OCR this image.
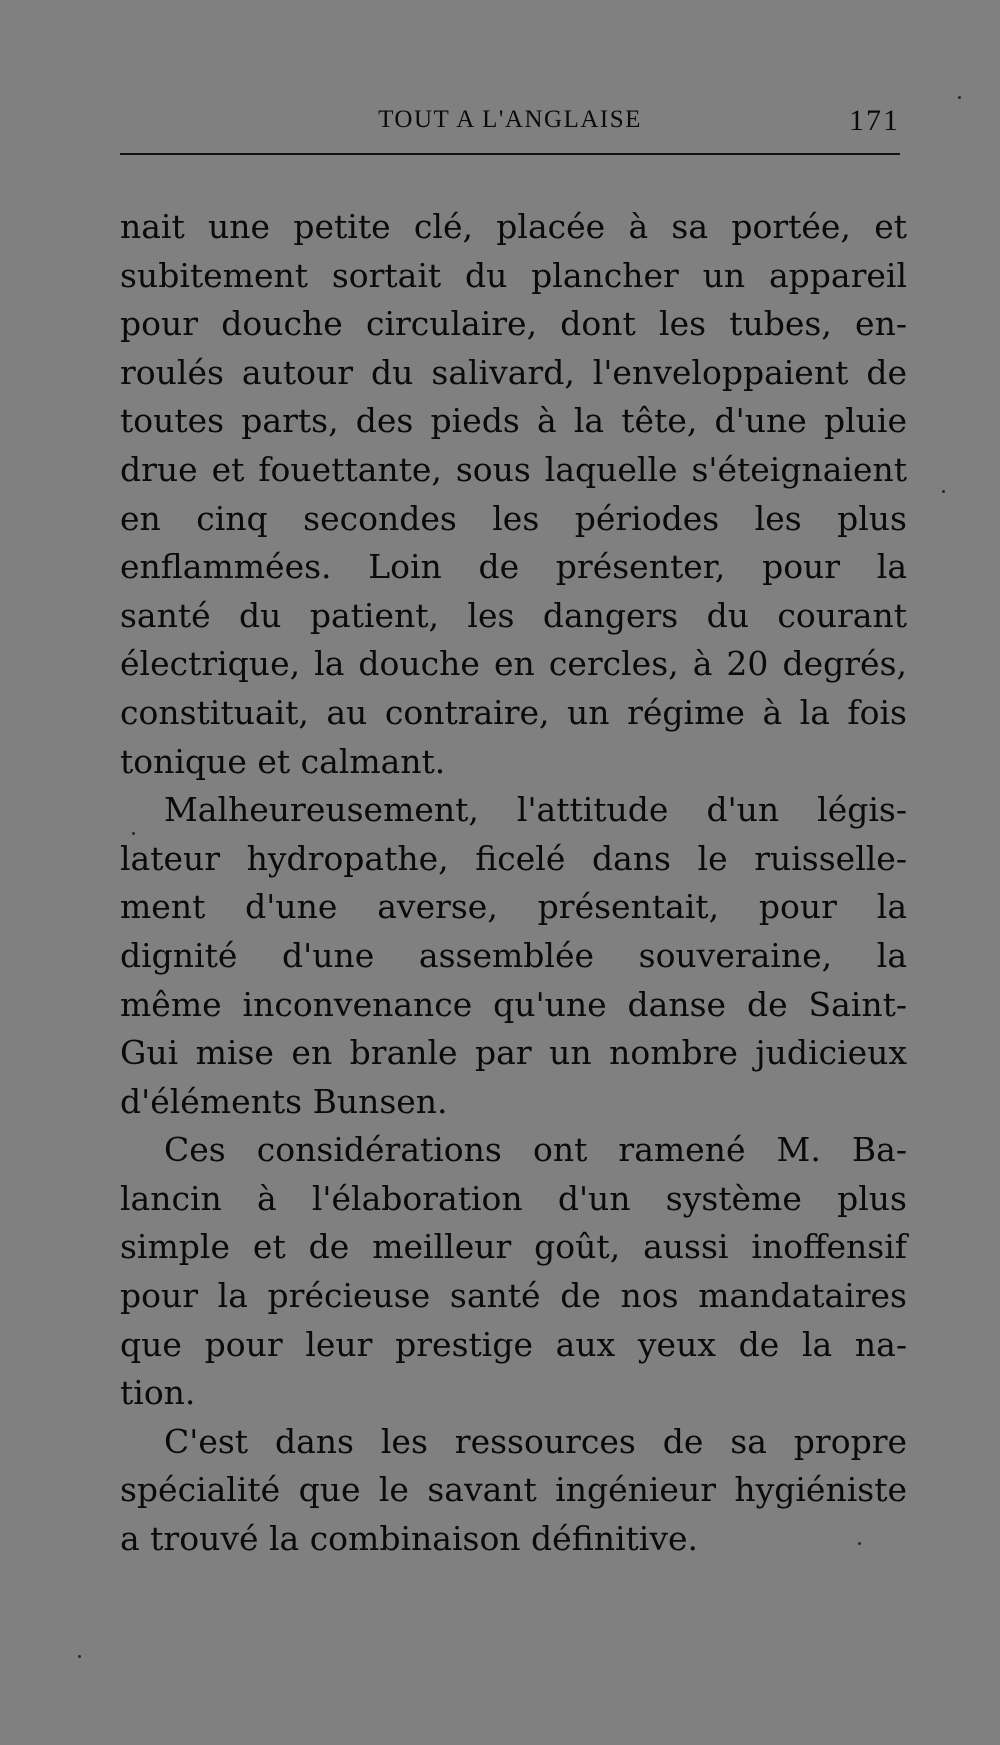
TOUT A L'ANGLAISE	171
nait une petite clé, placée à sa portée, et
subitement sortait du plancher un appareil
pour douche circulaire, dont les tubes, en-
roulés autour du salivard, l'enveloppaient de
toutes parts, des pieds à la tête, d'une pluie
drue et fouettante, sous laquelle s'éteignaient
en cinq secondes les périodes les plus
enflammées. Loin de présenter, pour la
santé du patient, les dangers du courant
électrique, la douche en cercles, à 20 degrés,
constituait, au contraire, un régime à la fois
tonique et calmant.
Malheureusement, l'attitude d'un légis-
lateur hydropathe, ficelé dans le ruisselle-
ment d'une averse, présentait, pour la
dignité d'une assemblée souveraine, la
même inconvenance qu'une danse de Saint-
Gui mise en branle par un nombre judicieux
d'éléments Bunsen.
Ces considérations ont ramené M. Ba-
lancin à l'élaboration d'un système plus
simple et de meilleur goût, aussi inoffensif
pour la précieuse santé de nos mandataires
que pour leur prestige aux yeux de la na-
tion.
C'est dans les ressources de sa propre
spécialité que le savant ingénieur hygiéniste
a trouvé la combinaison définitive.
